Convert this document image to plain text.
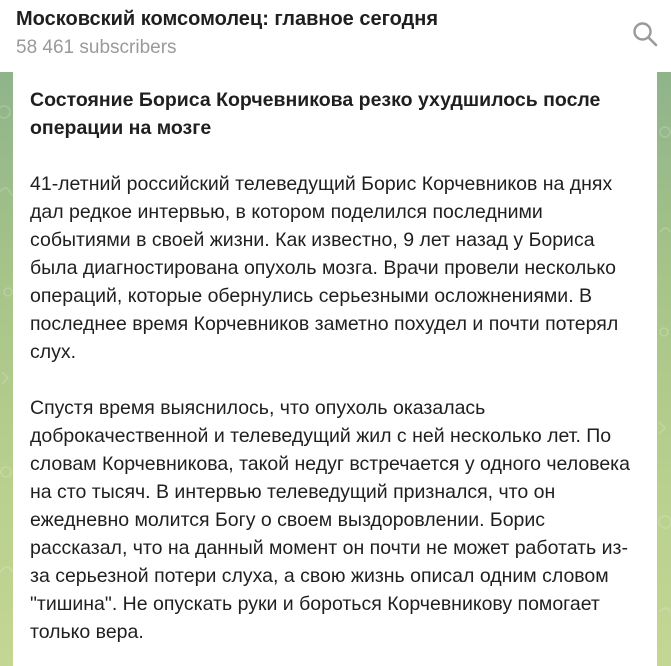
Московский комсомолец: главное сегодня
58 461 subscribers

Состояние Бориса Корчевникова резко ухудшилось после операции на мозге

41-летний российский телеведущий Борис Корчевников на днях дал редкое интервью, в котором поделился последними событиями в своей жизни. Как известно, 9 лет назад у Бориса была диагностирована опухоль мозга. Врачи провели несколько операций, которые обернулись серьезными осложнениями. В последнее время Корчевников заметно похудел и почти потерял слух.

Спустя время выяснилось, что опухоль оказалась доброкачественной и телеведущий жил с ней несколько лет. По словам Корчевникова, такой недуг встречается у одного человека на сто тысяч. В интервью телеведущий признался, что он ежедневно молится Богу о своем выздоровлении. Борис рассказал, что на данный момент он почти не может работать из-за серьезной потери слуха, а свою жизнь описал одним словом "тишина". Не опускать руки и бороться Корчевникову помогает только вера.
